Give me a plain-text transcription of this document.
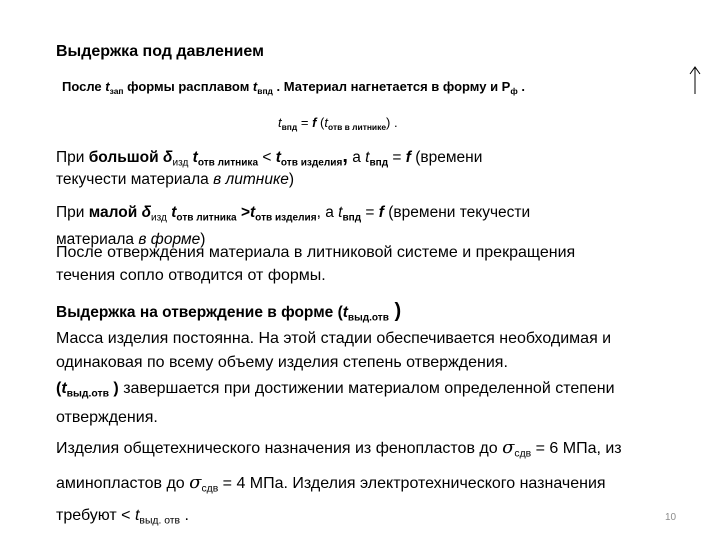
Выдержка под давлением
После $t_{зап}$ формы расплавом $t_{впд}$ . Материал нагнетается в форму и $Р_ф$ .
$t_{впд} = f$ $(t_{отв в литнике})$ .
При большой $\delta_{изд}$ $t_{отв литника} < t_{отв изделия}$, а $t_{впд} = f$ (времени
текучести материала в литнике)
При малой $\delta_{изд}$ $t_{отв литника} >t_{отв изделия}$, а $t_{впд} = f$ (времени текучести
материала в форме)
После отверждения материала в литниковой системе и прекращения
течения сопло отводится от формы.
Выдержка на отверждение в форме ($t_{выд.отв}$ )
Масса изделия постоянна. На этой стадии обеспечивается необходимая и
одинаковая по всему объему изделия степень отверждения.
($t_{выд.отв}$ ) завершается при достижении материалом определенной степени
отверждения.
Изделия общетехнического назначения из фенопластов до $\sigma_{сдв} = 6$ МПа, из
аминопластов до $\sigma_{сдв} = 4$ МПа. Изделия электротехнического назначения
требуют < $t_{выд. отв}$ .	10
